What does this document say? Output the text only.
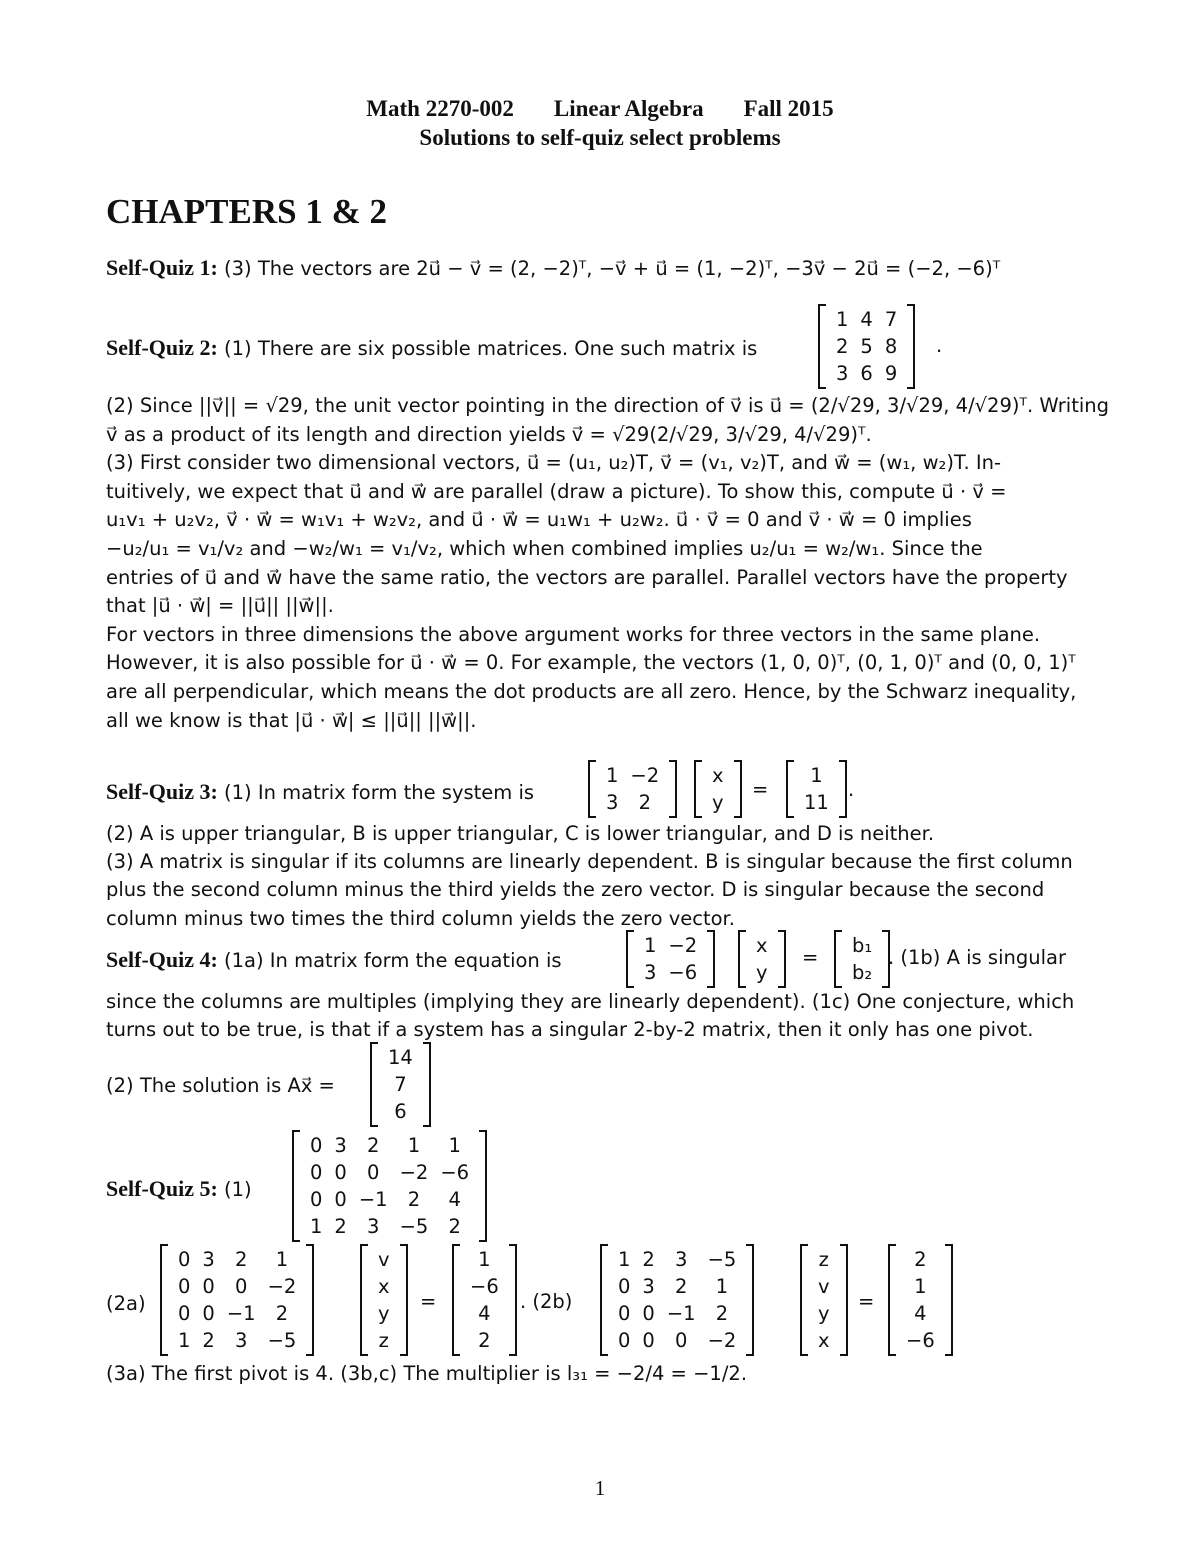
Math 2270-002 Linear Algebra Fall 2015
Solutions to self-quiz select problems
CHAPTERS 1 & 2
Self-Quiz 1: (3) The vectors are 2u⃗ − v⃗ = (2, −2)ᵀ, −v⃗ + u⃗ = (1, −2)ᵀ, −3v⃗ − 2u⃗ = (−2, −6)ᵀ
Self-Quiz 2: (1) There are six possible matrices. One such matrix is
1	4	7
2	5	8
3	6	9
.
(2) Since ||v⃗|| = √29, the unit vector pointing in the direction of v⃗ is u⃗ = (2/√29, 3/√29, 4/√29)ᵀ. Writing
v⃗ as a product of its length and direction yields v⃗ = √29(2/√29, 3/√29, 4/√29)ᵀ.
(3) First consider two dimensional vectors, u⃗ = (u₁, u₂)T, v⃗ = (v₁, v₂)T, and w⃗ = (w₁, w₂)T. In-
tuitively, we expect that u⃗ and w⃗ are parallel (draw a picture). To show this, compute u⃗ · v⃗ =
u₁v₁ + u₂v₂, v⃗ · w⃗ = w₁v₁ + w₂v₂, and u⃗ · w⃗ = u₁w₁ + u₂w₂. u⃗ · v⃗ = 0 and v⃗ · w⃗ = 0 implies
−u₂/u₁ = v₁/v₂ and −w₂/w₁ = v₁/v₂, which when combined implies u₂/u₁ = w₂/w₁. Since the
entries of u⃗ and w⃗ have the same ratio, the vectors are parallel. Parallel vectors have the property
that |u⃗ · w⃗| = ||u⃗|| ||w⃗||.
For vectors in three dimensions the above argument works for three vectors in the same plane.
However, it is also possible for u⃗ · w⃗ = 0. For example, the vectors (1, 0, 0)ᵀ, (0, 1, 0)ᵀ and (0, 0, 1)ᵀ
are all perpendicular, which means the dot products are all zero. Hence, by the Schwarz inequality,
all we know is that |u⃗ · w⃗| ≤ ||u⃗|| ||w⃗||.
Self-Quiz 3: (1) In matrix form the system is
1	−2
3	2
x
y
=
1
11
.
(2) A is upper triangular, B is upper triangular, C is lower triangular, and D is neither.
(3) A matrix is singular if its columns are linearly dependent. B is singular because the first column
plus the second column minus the third yields the zero vector. D is singular because the second
column minus two times the third column yields the zero vector.
Self-Quiz 4: (1a) In matrix form the equation is
1	−2
3	−6
x
y
=
b₁
b₂
. (1b) A is singular
since the columns are multiples (implying they are linearly dependent). (1c) One conjecture, which
turns out to be true, is that if a system has a singular 2-by-2 matrix, then it only has one pivot.
(2) The solution is Ax⃗ =
14
7
6
Self-Quiz 5: (1)
0	3	2	1	1
0	0	0	−2	−6
0	0	−1	2	4
1	2	3	−5	2
(2a)
0	3	2	1
0	0	0	−2
0	0	−1	2
1	2	3	−5
v
x
y
z
=
1
−6
4
2
. (2b)
1	2	3	−5
0	3	2	1
0	0	−1	2
0	0	0	−2
z
v
y
x
=
2
1
4
−6
(3a) The first pivot is 4. (3b,c) The multiplier is l₃₁ = −2/4 = −1/2.
1
